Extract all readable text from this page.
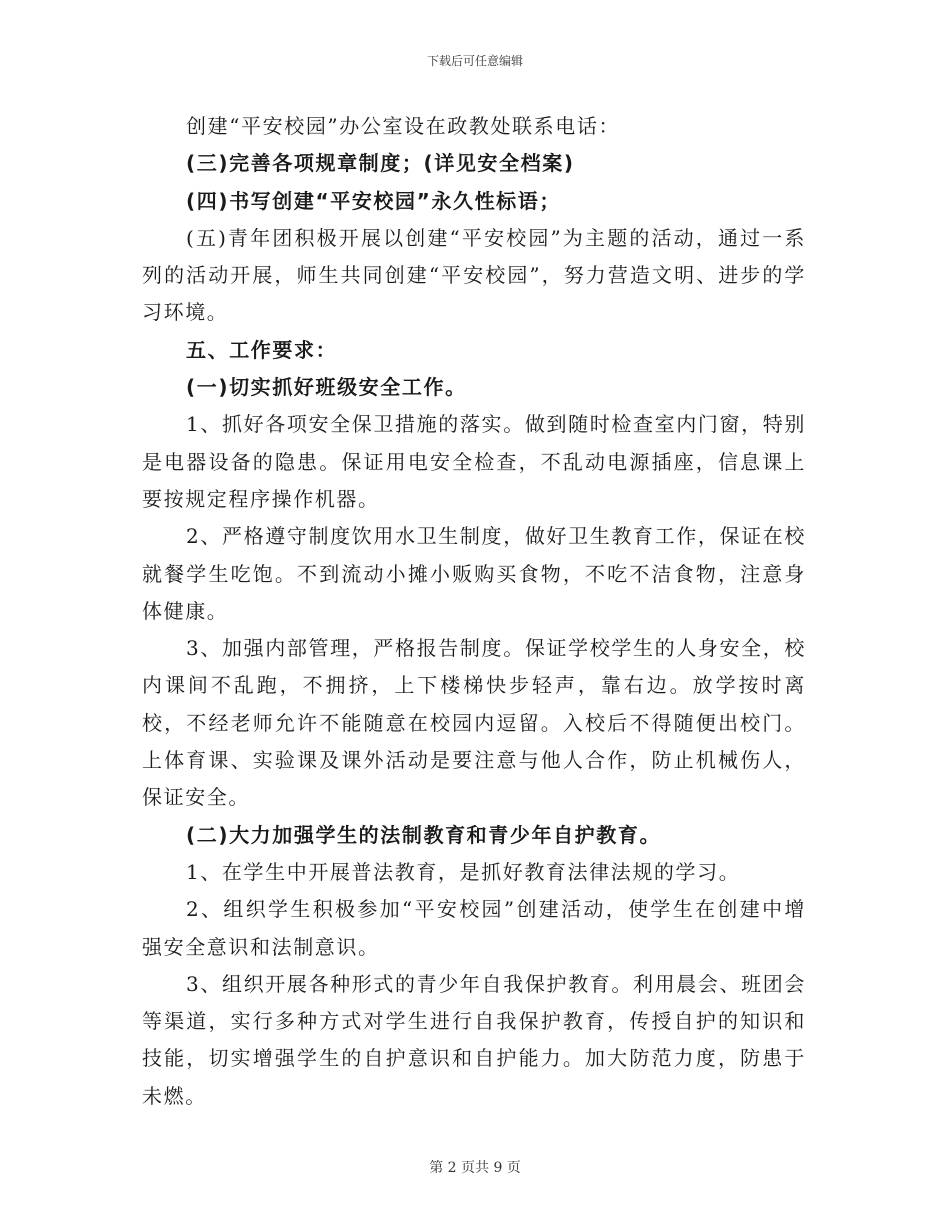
下载后可任意编辑

创建“平安校园”办公室设在政教处联系电话：

(三)完善各项规章制度；(详见安全档案)

(四)书写创建“平安校园”永久性标语；

(五)青年团积极开展以创建“平安校园”为主题的活动，通过一系列的活动开展，师生共同创建“平安校园”，努力营造文明、进步的学习环境。

五、工作要求：

(一)切实抓好班级安全工作。

1、抓好各项安全保卫措施的落实。做到随时检查室内门窗，特别是电器设备的隐患。保证用电安全检查，不乱动电源插座，信息课上要按规定程序操作机器。

2、严格遵守制度饮用水卫生制度，做好卫生教育工作，保证在校就餐学生吃饱。不到流动小摊小贩购买食物，不吃不洁食物，注意身体健康。

3、加强内部管理，严格报告制度。保证学校学生的人身安全，校内课间不乱跑，不拥挤，上下楼梯快步轻声，靠右边。放学按时离校，不经老师允许不能随意在校园内逗留。入校后不得随便出校门。上体育课、实验课及课外活动是要注意与他人合作，防止机械伤人，保证安全。

(二)大力加强学生的法制教育和青少年自护教育。

1、在学生中开展普法教育，是抓好教育法律法规的学习。

2、组织学生积极参加“平安校园”创建活动，使学生在创建中增强安全意识和法制意识。

3、组织开展各种形式的青少年自我保护教育。利用晨会、班团会等渠道，实行多种方式对学生进行自我保护教育，传授自护的知识和技能，切实增强学生的自护意识和自护能力。加大防范力度，防患于未燃。

第 2 页共 9 页
